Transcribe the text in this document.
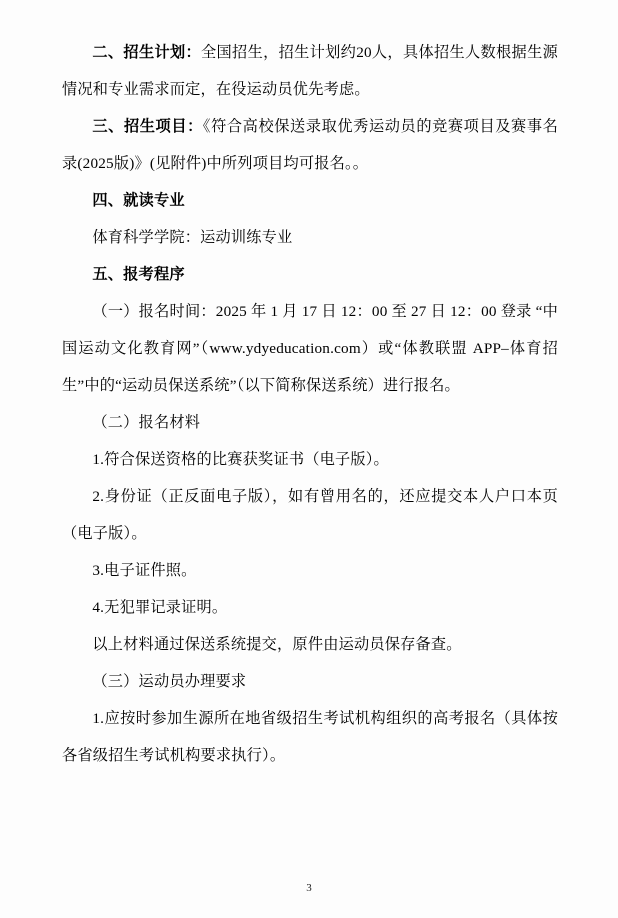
二、招生计划：全国招生，招生计划约20人，具体招生人数根据生源情况和专业需求而定，在役运动员优先考虑。

三、招生项目：《符合高校保送录取优秀运动员的竞赛项目及赛事名录(2025版)》(见附件)中所列项目均可报名。。

四、就读专业

体育科学学院：运动训练专业

五、报考程序

（一）报名时间：2025 年 1 月 17 日 12：00 至 27 日 12：00 登录 “中国运动文化教育网”（www.ydyeducation.com）或“体教联盟 APP–体育招生”中的“运动员保送系统”（以下简称保送系统）进行报名。

（二）报名材料

1.符合保送资格的比赛获奖证书（电子版）。

2.身份证（正反面电子版），如有曾用名的，还应提交本人户口本页（电子版）。

3.电子证件照。

4.无犯罪记录证明。

以上材料通过保送系统提交，原件由运动员保存备查。

（三）运动员办理要求

1.应按时参加生源所在地省级招生考试机构组织的高考报名（具体按各省级招生考试机构要求执行）。

3
